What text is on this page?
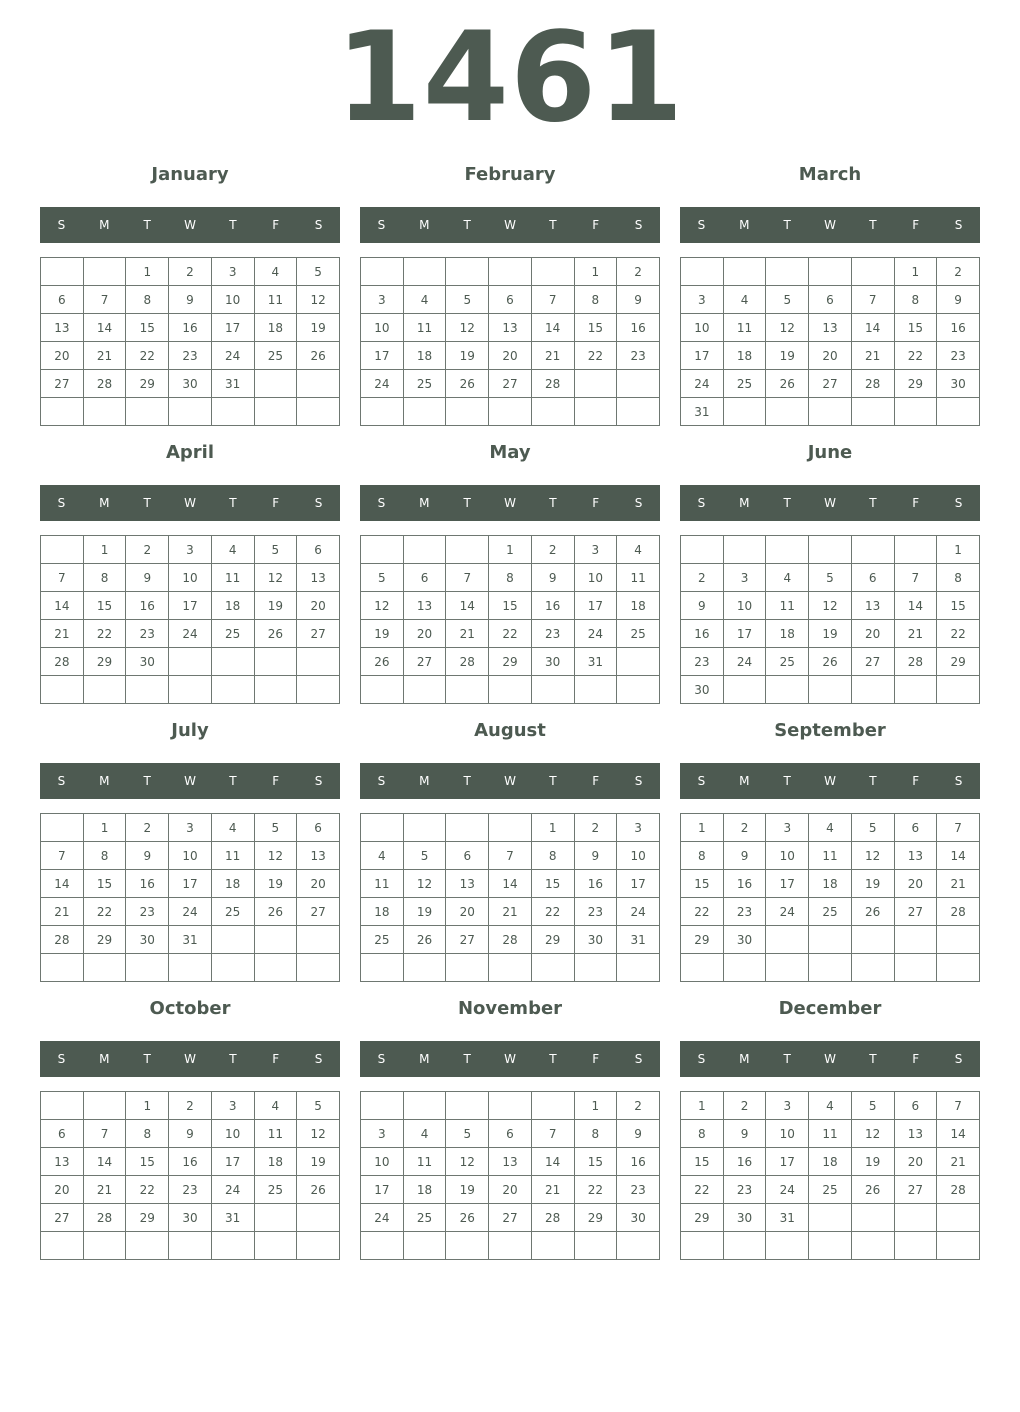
1461
January
S	M	T	W	T	F	S
		1	2	3	4	5
6	7	8	9	10	11	12
13	14	15	16	17	18	19
20	21	22	23	24	25	26
27	28	29	30	31		

February
S	M	T	W	T	F	S
					1	2
3	4	5	6	7	8	9
10	11	12	13	14	15	16
17	18	19	20	21	22	23
24	25	26	27	28		

March
S	M	T	W	T	F	S
					1	2
3	4	5	6	7	8	9
10	11	12	13	14	15	16
17	18	19	20	21	22	23
24	25	26	27	28	29	30
31						
April
S	M	T	W	T	F	S
	1	2	3	4	5	6
7	8	9	10	11	12	13
14	15	16	17	18	19	20
21	22	23	24	25	26	27
28	29	30				

May
S	M	T	W	T	F	S
			1	2	3	4
5	6	7	8	9	10	11
12	13	14	15	16	17	18
19	20	21	22	23	24	25
26	27	28	29	30	31	

June
S	M	T	W	T	F	S
						1
2	3	4	5	6	7	8
9	10	11	12	13	14	15
16	17	18	19	20	21	22
23	24	25	26	27	28	29
30						
July
S	M	T	W	T	F	S
	1	2	3	4	5	6
7	8	9	10	11	12	13
14	15	16	17	18	19	20
21	22	23	24	25	26	27
28	29	30	31			

August
S	M	T	W	T	F	S
				1	2	3
4	5	6	7	8	9	10
11	12	13	14	15	16	17
18	19	20	21	22	23	24
25	26	27	28	29	30	31

September
S	M	T	W	T	F	S
1	2	3	4	5	6	7
8	9	10	11	12	13	14
15	16	17	18	19	20	21
22	23	24	25	26	27	28
29	30					

October
S	M	T	W	T	F	S
		1	2	3	4	5
6	7	8	9	10	11	12
13	14	15	16	17	18	19
20	21	22	23	24	25	26
27	28	29	30	31		

November
S	M	T	W	T	F	S
					1	2
3	4	5	6	7	8	9
10	11	12	13	14	15	16
17	18	19	20	21	22	23
24	25	26	27	28	29	30

December
S	M	T	W	T	F	S
1	2	3	4	5	6	7
8	9	10	11	12	13	14
15	16	17	18	19	20	21
22	23	24	25	26	27	28
29	30	31				
